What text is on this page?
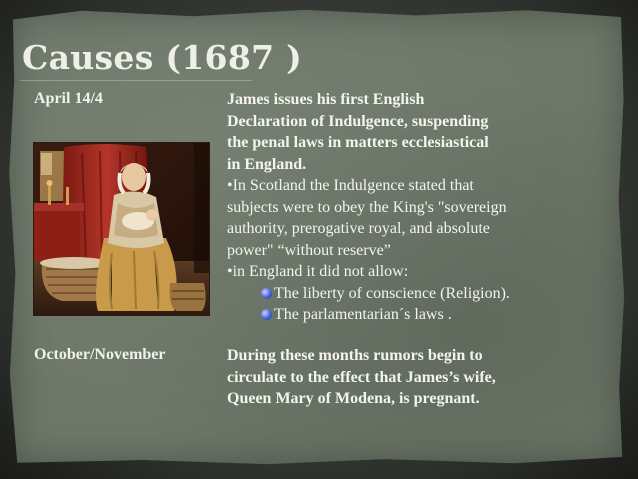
Causes (1687 )
April 14/4	James issues his first English
Declaration of Indulgence, suspending
the penal laws in matters ecclesiastical
in England.
•In Scotland the Indulgence stated that
subjects were to obey the King's "sovereign
authority, prerogative royal, and absolute
power" “without reserve”
•in England it did not allow:
The liberty of conscience (Religion).
The parlamentarian´s laws .
October/November	During these months rumors begin to
circulate to the effect that James’s wife,
Queen Mary of Modena, is pregnant.
